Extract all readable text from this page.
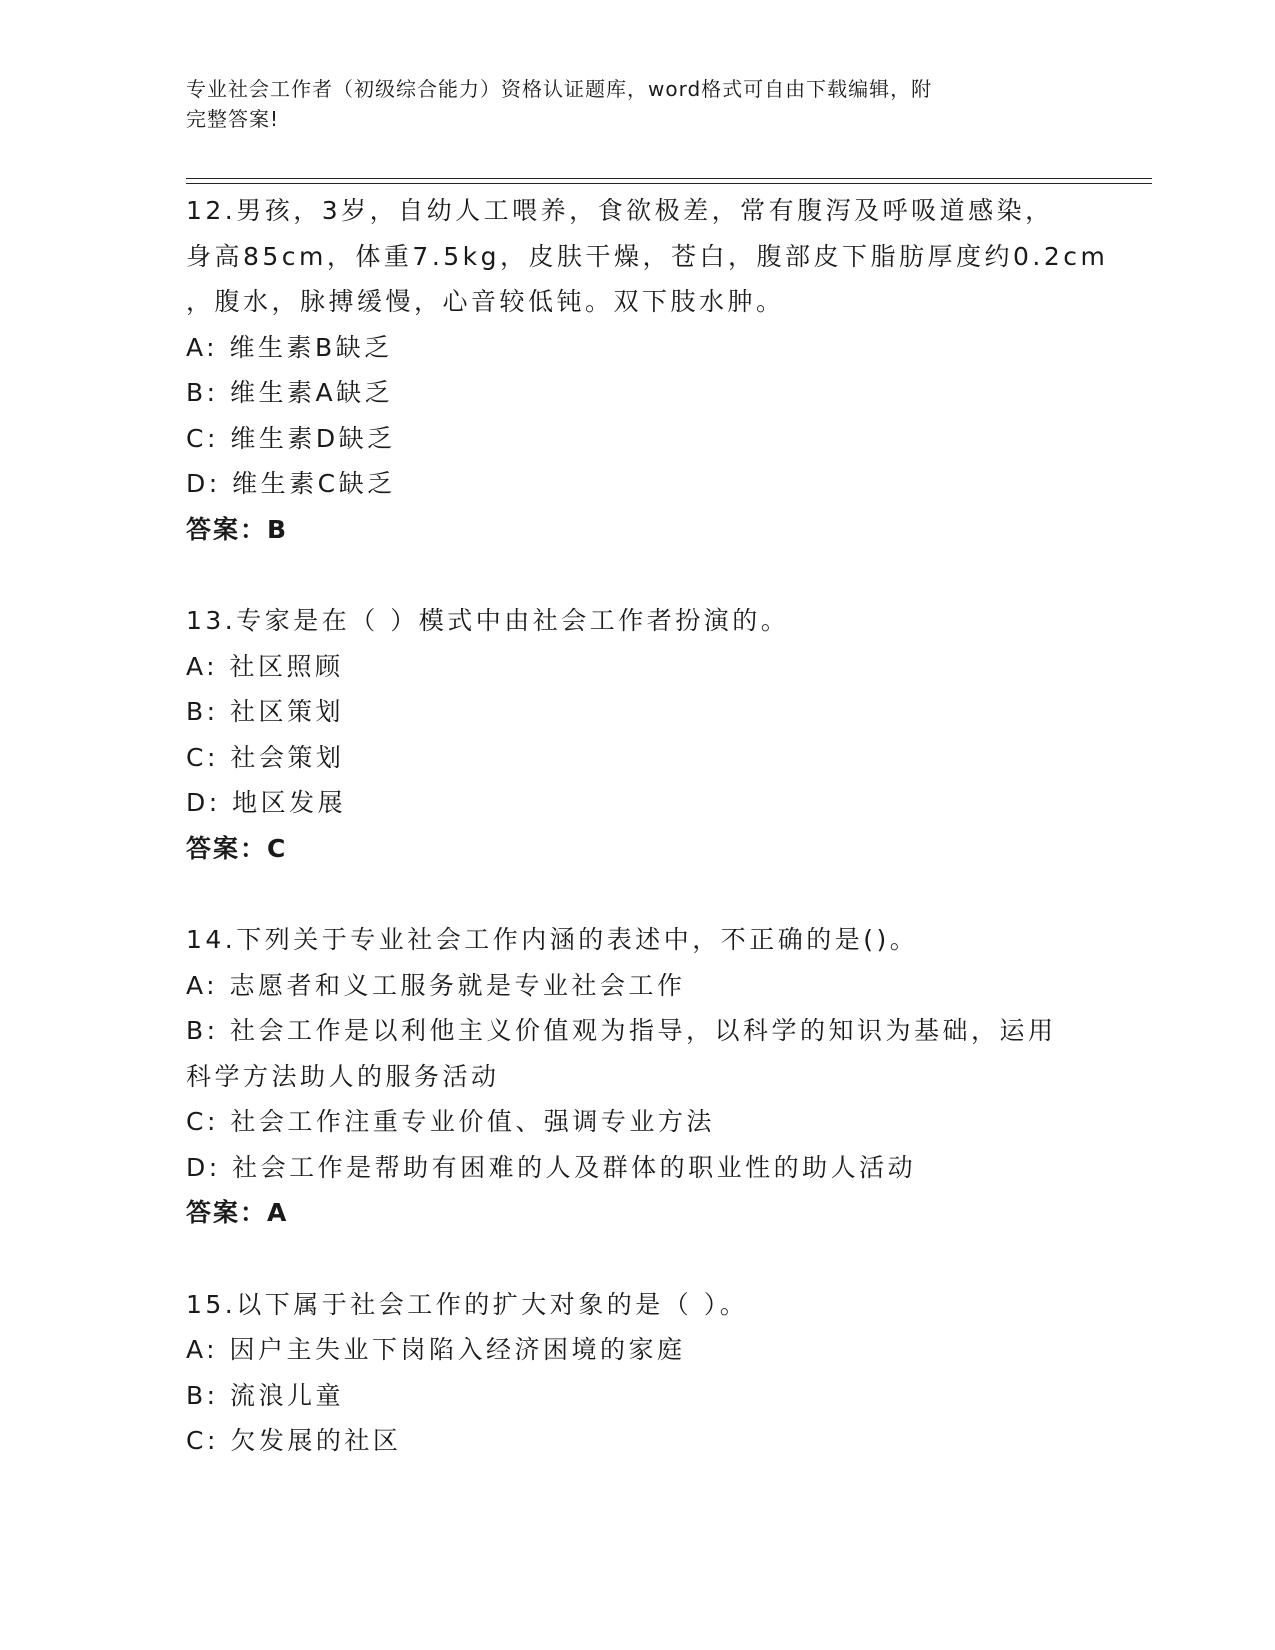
专业社会工作者（初级综合能力）资格认证题库，word格式可自由下载编辑，附
完整答案!
12.男孩，3岁，自幼人工喂养，食欲极差，常有腹泻及呼吸道感染，
身高85cm，体重7.5kg，皮肤干燥，苍白，腹部皮下脂肪厚度约0.2cm
，腹水，脉搏缓慢，心音较低钝。双下肢水肿。
A: 维生素B缺乏
B: 维生素A缺乏
C: 维生素D缺乏
D: 维生素C缺乏
答案：B
13.专家是在（ ）模式中由社会工作者扮演的。
A: 社区照顾
B: 社区策划
C: 社会策划
D: 地区发展
答案：C
14.下列关于专业社会工作内涵的表述中，不正确的是()。
A: 志愿者和义工服务就是专业社会工作
B: 社会工作是以利他主义价值观为指导，以科学的知识为基础，运用
科学方法助人的服务活动
C: 社会工作注重专业价值、强调专业方法
D: 社会工作是帮助有困难的人及群体的职业性的助人活动
答案：A
15.以下属于社会工作的扩大对象的是（ ）。
A: 因户主失业下岗陷入经济困境的家庭
B: 流浪儿童
C: 欠发展的社区
